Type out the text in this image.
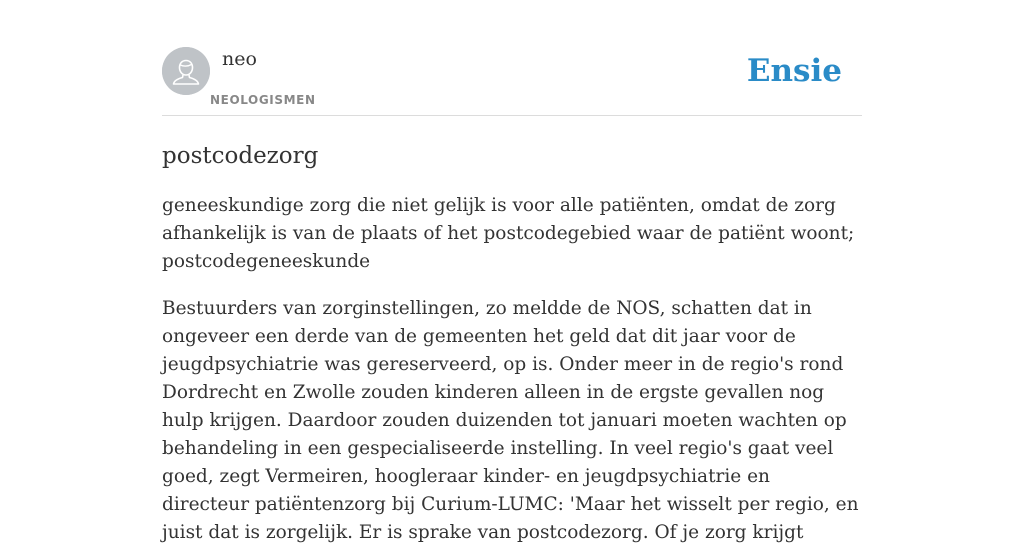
neo
NEOLOGISMEN
Ensie
postcodezorg

geneeskundige zorg die niet gelijk is voor alle patiënten, omdat de zorg afhankelijk is van de plaats of het postcodegebied waar de patiënt woont; postcodegeneeskunde

Bestuurders van zorginstellingen, zo meldde de NOS, schatten dat in ongeveer een derde van de gemeenten het geld dat dit jaar voor de jeugdpsychiatrie was gereserveerd, op is. Onder meer in de regio's rond Dordrecht en Zwolle zouden kinderen alleen in de ergste gevallen nog hulp krijgen. Daardoor zouden duizenden tot januari moeten wachten op behandeling in een gespecialiseerde instelling. In veel regio's gaat veel goed, zegt Vermeiren, hoogleraar kinder- en jeugdpsychiatrie en directeur patiëntenzorg bij Curium-LUMC: 'Maar het wisselt per regio, en juist dat is zorgelijk. Er is sprake van postcodezorg. Of je zorg krijgt
